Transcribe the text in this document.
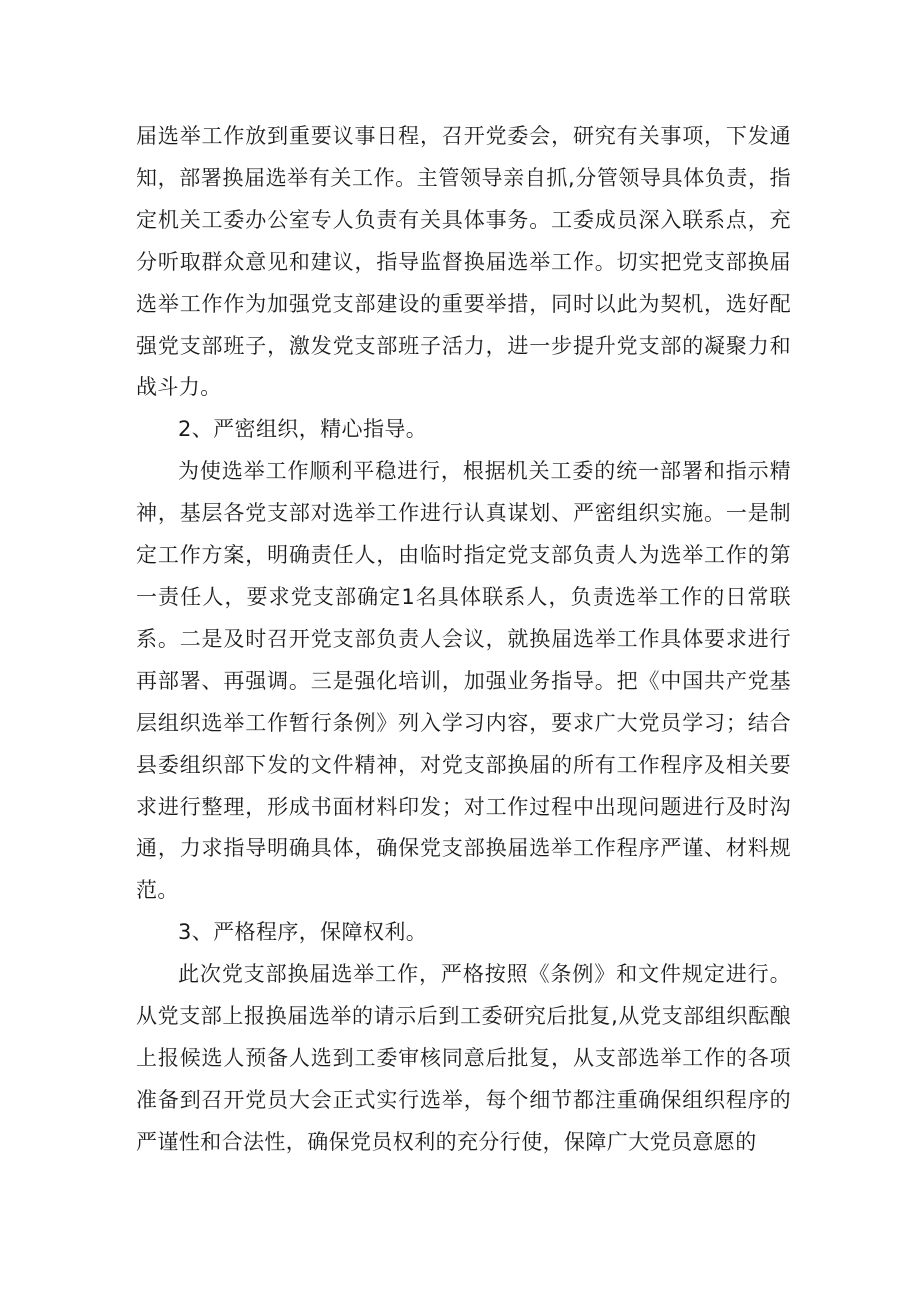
届选举工作放到重要议事日程，召开党委会，研究有关事项，下发通知，部署换届选举有关工作。主管领导亲自抓,分管领导具体负责，指定机关工委办公室专人负责有关具体事务。工委成员深入联系点，充分听取群众意见和建议，指导监督换届选举工作。切实把党支部换届选举工作作为加强党支部建设的重要举措，同时以此为契机，选好配强党支部班子，激发党支部班子活力，进一步提升党支部的凝聚力和战斗力。

2、严密组织，精心指导。

为使选举工作顺利平稳进行，根据机关工委的统一部署和指示精神，基层各党支部对选举工作进行认真谋划、严密组织实施。一是制定工作方案，明确责任人，由临时指定党支部负责人为选举工作的第一责任人，要求党支部确定1名具体联系人，负责选举工作的日常联系。二是及时召开党支部负责人会议，就换届选举工作具体要求进行再部署、再强调。三是强化培训，加强业务指导。把《中国共产党基层组织选举工作暂行条例》列入学习内容，要求广大党员学习；结合县委组织部下发的文件精神，对党支部换届的所有工作程序及相关要求进行整理，形成书面材料印发；对工作过程中出现问题进行及时沟通，力求指导明确具体，确保党支部换届选举工作程序严谨、材料规范。

3、严格程序，保障权利。

此次党支部换届选举工作，严格按照《条例》和文件规定进行。从党支部上报换届选举的请示后到工委研究后批复,从党支部组织酝酿上报候选人预备人选到工委审核同意后批复，从支部选举工作的各项准备到召开党员大会正式实行选举，每个细节都注重确保组织程序的严谨性和合法性，确保党员权利的充分行使，保障广大党员意愿的
